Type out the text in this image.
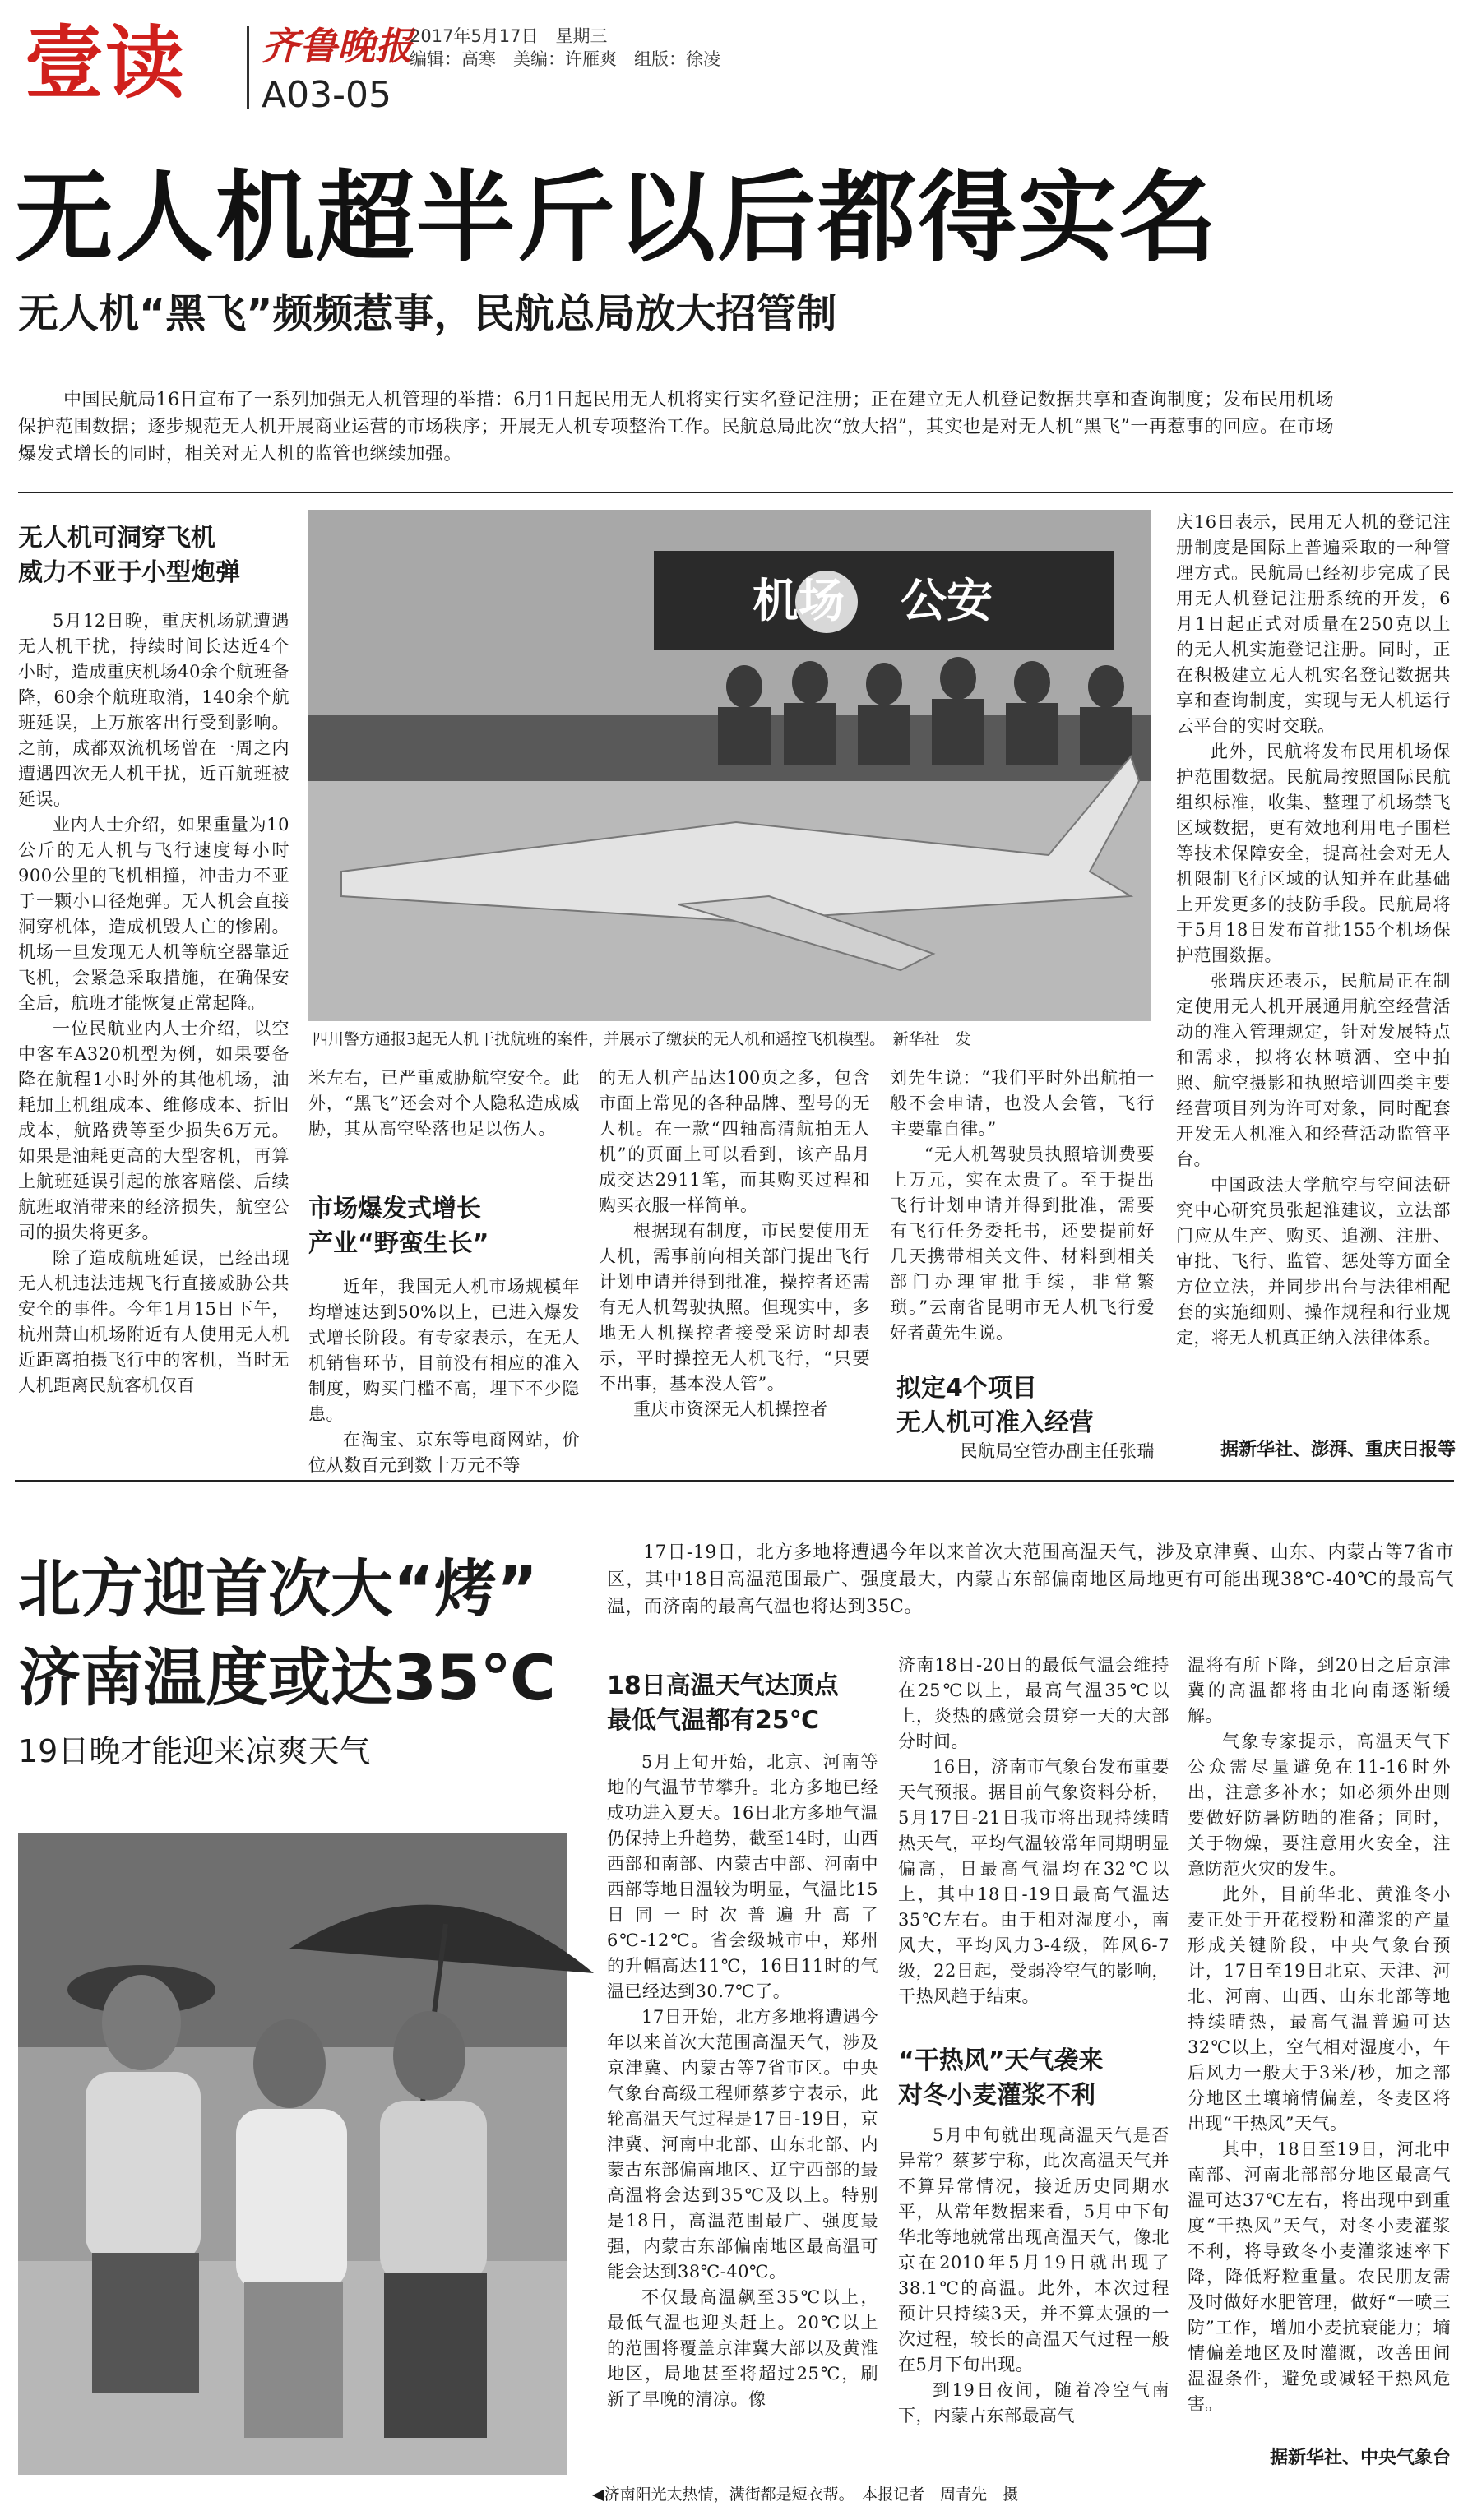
壹读 齐鲁晚报
A03-05
2017年5月17日　星期三
编辑：高寒　美编：许雁爽　组版：徐凌
无人机超半斤以后都得实名
无人机“黑飞”频频惹事，民航总局放大招管制
中国民航局16日宣布了一系列加强无人机管理的举措：6月1日起民用无人机将实行实名登记注册；正在建立无人机登记数据共享和查询制度；发布民用机场保护范围数据；逐步规范无人机开展商业运营的市场秩序；开展无人机专项整治工作。民航总局此次“放大招”，其实也是对无人机“黑飞”一再惹事的回应。在市场爆发式增长的同时，相关对无人机的监管也继续加强。
无人机可洞穿飞机
威力不亚于小型炮弹

5月12日晚，重庆机场就遭遇无人机干扰，持续时间长达近4个小时，造成重庆机场40余个航班备降，60余个航班取消，140余个航班延误，上万旅客出行受到影响。之前，成都双流机场曾在一周之内遭遇四次无人机干扰，近百航班被延误。

业内人士介绍，如果重量为10公斤的无人机与飞行速度每小时900公里的飞机相撞，冲击力不亚于一颗小口径炮弹。无人机会直接洞穿机体，造成机毁人亡的惨剧。机场一旦发现无人机等航空器靠近飞机，会紧急采取措施，在确保安全后，航班才能恢复正常起降。

一位民航业内人士介绍，以空中客车A320机型为例，如果要备降在航程1小时外的其他机场，油耗加上机组成本、维修成本、折旧成本，航路费等至少损失6万元。如果是油耗更高的大型客机，再算上航班延误引起的旅客赔偿、后续航班取消带来的经济损失，航空公司的损失将更多。

除了造成航班延误，已经出现无人机违法违规飞行直接威胁公共安全的事件。今年1月15日下午，杭州萧山机场附近有人使用无人机近距离拍摄飞行中的客机，当时无人机距离民航客机仅百

机场 公安
四川警方通报3起无人机干扰航班的案件，并展示了缴获的无人机和遥控飞机模型。　新华社　发

米左右，已严重威胁航空安全。此外，“黑飞”还会对个人隐私造成威胁，其从高空坠落也足以伤人。

市场爆发式增长
产业“野蛮生长”

近年，我国无人机市场规模年均增速达到50%以上，已进入爆发式增长阶段。有专家表示，在无人机销售环节，目前没有相应的准入制度，购买门槛不高，埋下不少隐患。

在淘宝、京东等电商网站，价位从数百元到数十万元不等

的无人机产品达100页之多，包含市面上常见的各种品牌、型号的无人机。在一款“四轴高清航拍无人机”的页面上可以看到，该产品月成交达2911笔，而其购买过程和购买衣服一样简单。

根据现有制度，市民要使用无人机，需事前向相关部门提出飞行计划申请并得到批准，操控者还需有无人机驾驶执照。但现实中，多地无人机操控者接受采访时却表示，平时操控无人机飞行，“只要不出事，基本没人管”。

重庆市资深无人机操控者

刘先生说：“我们平时外出航拍一般不会申请，也没人会管，飞行主要靠自律。”

“无人机驾驶员执照培训费要上万元，实在太贵了。至于提出飞行计划申请并得到批准，需要有飞行任务委托书，还要提前好几天携带相关文件、材料到相关部门办理审批手续，非常繁琐。”云南省昆明市无人机飞行爱好者黄先生说。

拟定4个项目
无人机可准入经营

民航局空管办副主任张瑞

庆16日表示，民用无人机的登记注册制度是国际上普遍采取的一种管理方式。民航局已经初步完成了民用无人机登记注册系统的开发，6月1日起正式对质量在250克以上的无人机实施登记注册。同时，正在积极建立无人机实名登记数据共享和查询制度，实现与无人机运行云平台的实时交联。

此外，民航将发布民用机场保护范围数据。民航局按照国际民航组织标准，收集、整理了机场禁飞区域数据，更有效地利用电子围栏等技术保障安全，提高社会对无人机限制飞行区域的认知并在此基础上开发更多的技防手段。民航局将于5月18日发布首批155个机场保护范围数据。

张瑞庆还表示，民航局正在制定使用无人机开展通用航空经营活动的准入管理规定，针对发展特点和需求，拟将农林喷洒、空中拍照、航空摄影和执照培训四类主要经营项目列为许可对象，同时配套开发无人机准入和经营活动监管平台。

中国政法大学航空与空间法研究中心研究员张起淮建议，立法部门应从生产、购买、追溯、注册、审批、飞行、监管、惩处等方面全方位立法，并同步出台与法律相配套的实施细则、操作规程和行业规定，将无人机真正纳入法律体系。

据新华社、澎湃、重庆日报等
北方迎首次大“烤”
济南温度或达35℃
19日晚才能迎来凉爽天气
17日-19日，北方多地将遭遇今年以来首次大范围高温天气，涉及京津冀、山东、内蒙古等7省市区，其中18日高温范围最广、强度最大，内蒙古东部偏南地区局地更有可能出现38℃-40℃的最高气温，而济南的最高气温也将达到35C。
◀济南阳光太热情，满街都是短衣帮。　本报记者　周青先　摄
18日高温天气达顶点
最低气温都有25℃

5月上旬开始，北京、河南等地的气温节节攀升。北方多地已经成功进入夏天。16日北方多地气温仍保持上升趋势，截至14时，山西西部和南部、内蒙古中部、河南中西部等地日温较为明显，气温比15日同一时次普遍升高了6℃-12℃。省会级城市中，郑州的升幅高达11℃，16日11时的气温已经达到30.7℃了。

17日开始，北方多地将遭遇今年以来首次大范围高温天气，涉及京津冀、内蒙古等7省市区。中央气象台高级工程师蔡芗宁表示，此轮高温天气过程是17日-19日，京津冀、河南中北部、山东北部、内蒙古东部偏南地区、辽宁西部的最高温将会达到35℃及以上。特别是18日，高温范围最广、强度最强，内蒙古东部偏南地区最高温可能会达到38℃-40℃。

不仅最高温飙至35℃以上，最低气温也迎头赶上。20℃以上的范围将覆盖京津冀大部以及黄淮地区，局地甚至将超过25℃，刷新了早晚的清凉。像

济南18日-20日的最低气温会维持在25℃以上，最高气温35℃以上，炎热的感觉会贯穿一天的大部分时间。

16日，济南市气象台发布重要天气预报。据目前气象资料分析，5月17日-21日我市将出现持续晴热天气，平均气温较常年同期明显偏高，日最高气温均在32℃以上，其中18日-19日最高气温达35℃左右。由于相对湿度小，南风大，平均风力3-4级，阵风6-7级，22日起，受弱冷空气的影响，干热风趋于结束。

“干热风”天气袭来
对冬小麦灌浆不利

5月中旬就出现高温天气是否异常？蔡芗宁称，此次高温天气并不算异常情况，接近历史同期水平，从常年数据来看，5月中下旬华北等地就常出现高温天气，像北京在2010年5月19日就出现了38.1℃的高温。此外，本次过程预计只持续3天，并不算太强的一次过程，较长的高温天气过程一般在5月下旬出现。

到19日夜间，随着冷空气南下，内蒙古东部最高气

温将有所下降，到20日之后京津冀的高温都将由北向南逐渐缓解。

气象专家提示，高温天气下公众需尽量避免在11-16时外出，注意多补水；如必须外出则要做好防暑防晒的准备；同时，关于物燥，要注意用火安全，注意防范火灾的发生。

此外，目前华北、黄淮冬小麦正处于开花授粉和灌浆的产量形成关键阶段，中央气象台预计，17日至19日北京、天津、河北、河南、山西、山东北部等地持续晴热，最高气温普遍可达32℃以上，空气相对湿度小，午后风力一般大于3米/秒，加之部分地区土壤墒情偏差，冬麦区将出现“干热风”天气。

其中，18日至19日，河北中南部、河南北部部分地区最高气温可达37℃左右，将出现中到重度“干热风”天气，对冬小麦灌浆不利，将导致冬小麦灌浆速率下降，降低籽粒重量。农民朋友需及时做好水肥管理，做好“一喷三防”工作，增加小麦抗衰能力；墒情偏差地区及时灌溉，改善田间温湿条件，避免或减轻干热风危害。

据新华社、中央气象台
